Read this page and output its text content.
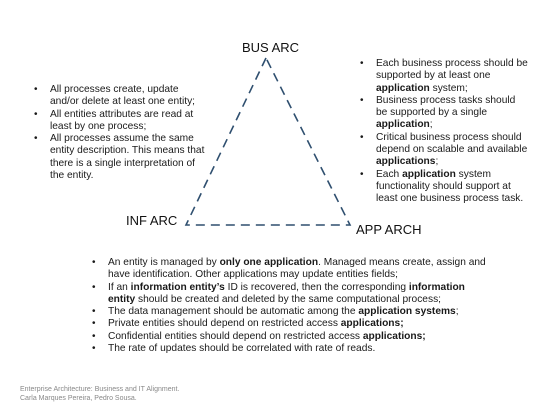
BUS ARC
INF ARC
APP ARCH
• All processes create, update and/or delete at least one entity;
• All entities attributes are read at least by one process;
• All processes assume the same entity description. This means that there is a single interpretation of the entity.
• Each business process should be supported by at least one application system;
• Business process tasks should be supported by a single application;
• Critical business process should depend on scalable and available applications;
• Each application system functionality should support at least one business process task.
• An entity is managed by only one application. Managed means create, assign and have identification. Other applications may update entities fields;
• If an information entity’s ID is recovered, then the corresponding information entity should be created and deleted by the same computational process;
• The data management should be automatic among the application systems;
• Private entities should depend on restricted access applications;
• Confidential entities should depend on restricted access applications;
• The rate of updates should be correlated with rate of reads.
Enterprise Architecture: Business and IT Alignment.
Carla Marques Pereira, Pedro Sousa.
